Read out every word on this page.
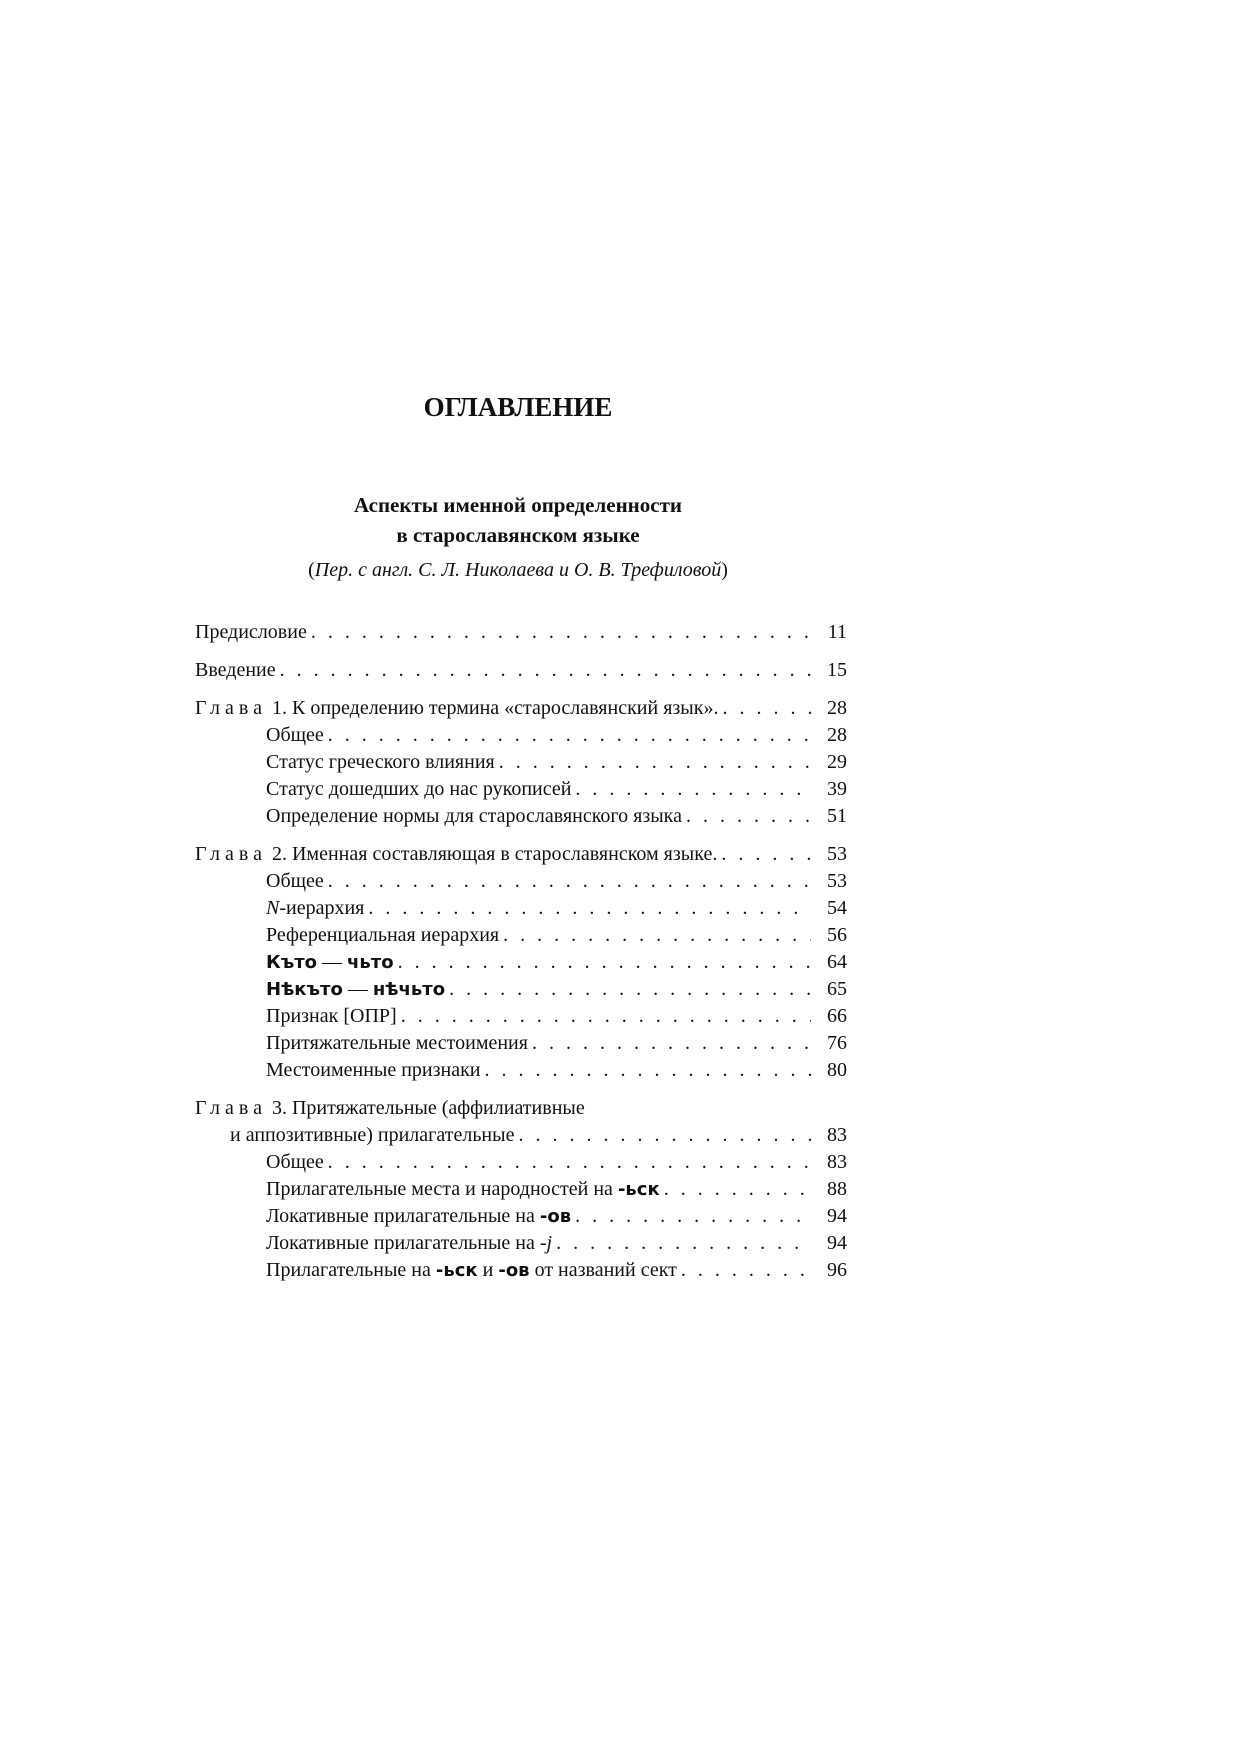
ОГЛАВЛЕНИЕ
Аспекты именной определенности
в старославянском языке
(Пер. с англ. С. Л. Николаева и О. В. Трефиловой)
Предисловие . . .	11
Введение . . .	15
Глава 1. К определению термина «старославянский язык». . . .	28
Общее . . .	28
Статус греческого влияния . . .	29
Статус дошедших до нас рукописей . . .	39
Определение нормы для старославянского языка . . .	51
Глава 2. Именная составляющая в старославянском языке. . . .	53
Общее . . .	53
N-иерархия . . .	54
Референциальная иерархия . . .	56
Къто — чьто . . .	64
Нѣкъто — нѣчьто . . .	65
Признак [ОПР] . . .	66
Притяжательные местоимения . . .	76
Местоименные признаки . . .	80
Глава 3. Притяжательные (аффилиативные
и аппозитивные) прилагательные . . .	83
Общее . . .	83
Прилагательные места и народностей на -ьск . . .	88
Локативные прилагательные на -ов . . .	94
Локативные прилагательные на -j . . .	94
Прилагательные на -ьск и -ов от названий сект . . .	96
